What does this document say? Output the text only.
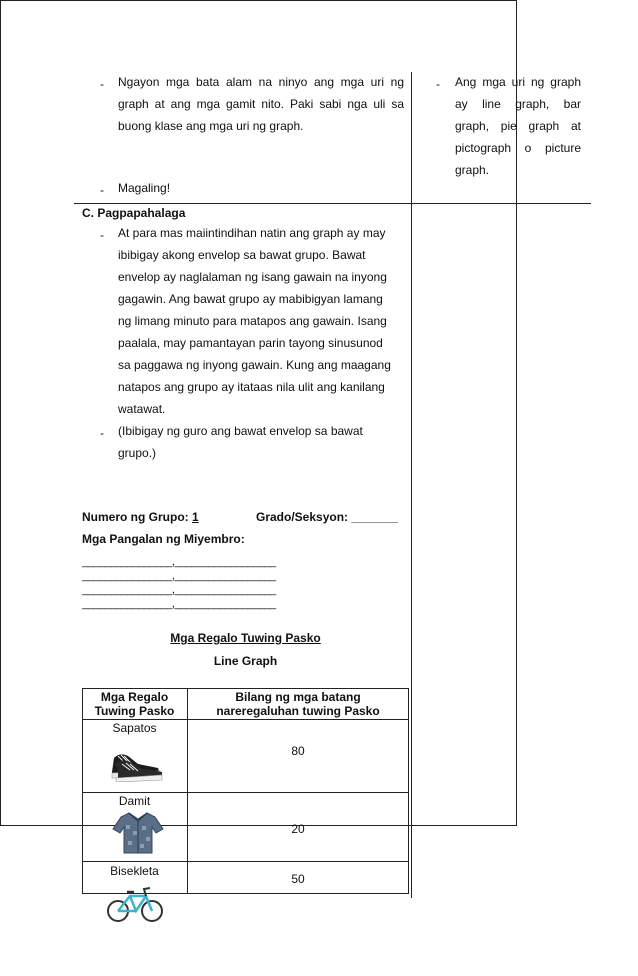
- Ngayon mga bata alam na ninyo ang mga uri ng
graph at ang mga gamit nito. Paki sabi nga uli sa
buong klase ang mga uri ng graph.
- Magaling!
- Ang mga uri ng graph
ay line graph, bar
graph, pie graph at
pictograph o picture
graph.
C. Pagpapahalaga
- At para mas maiintindihan natin ang graph ay may
ibibigay akong envelop sa bawat grupo. Bawat
envelop ay naglalaman ng isang gawain na inyong
gagawin. Ang bawat grupo ay mabibigyan lamang
ng limang minuto para matapos ang gawain. Isang
paalala, may pamantayan parin tayong sinusunod
sa paggawa ng inyong gawain. Kung ang maagang
natapos ang grupo ay itataas nila ulit ang kanilang
watawat.
- (Ibibigay ng guro ang bawat envelop sa bawat
grupo.)
Numero ng Grupo: 1	Grado/Seksyon: _______
Mga Pangalan ng Miyembro:
________________,__________________
________________,__________________
________________,__________________
________________,__________________
Mga Regalo Tuwing Pasko
Line Graph
Mga Regalo Tuwing Pasko
Bilang ng mga batang nareregaluhan tuwing Pasko
Sapatos
80
Damit
20
Bisekleta
50
